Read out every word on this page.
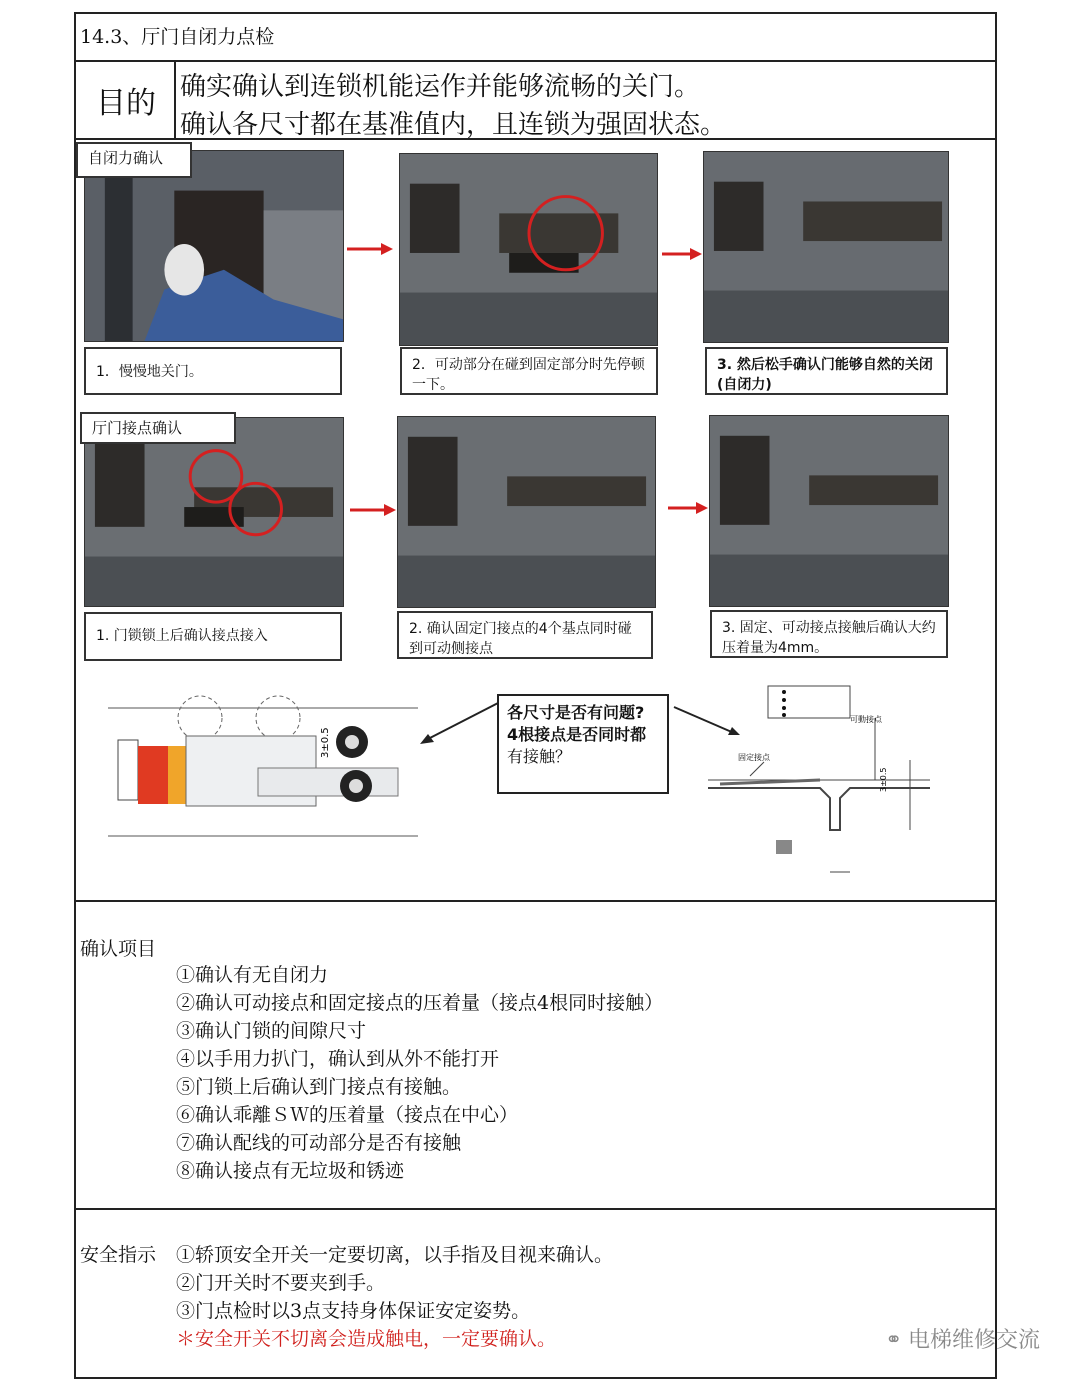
14.3、厅门自闭力点检
目的 确实确认到连锁机能运作并能够流畅的关门。
确认各尺寸都在基准值内，且连锁为强固状态。
自闭力确认
1．慢慢地关门。	2．可动部分在碰到固定部分时先停顿一下。
3. 然后松手确认门能够自然的关闭(自闭力)
厅门接点确认
1. 门锁锁上后确认接点接入	2. 确认固定门接点的4个基点同时碰到可动侧接点
3. 固定、可动接点接触后确认大约压着量为4mm。
3±0.5
各尺寸是否有问题?
4根接点是否同时都
有接触？
可動接点
固定接点
3±0.5
确认项目
①确认有无自闭力
②确认可动接点和固定接点的压着量（接点4根同时接触）
③确认门锁的间隙尺寸
④以手用力扒门，确认到从外不能打开
⑤门锁上后确认到门接点有接触。
⑥确认乖離ＳＷ的压着量（接点在中心）
⑦确认配线的可动部分是否有接触
⑧确认接点有无垃圾和锈迹
安全指示 ①轿顶安全开关一定要切离，以手指及目视来确认。
②门开关时不要夹到手。
③门点检时以3点支持身体保证安定姿势。
＊安全开关不切离会造成触电，一定要确认。	⚭ 电梯维修交流
